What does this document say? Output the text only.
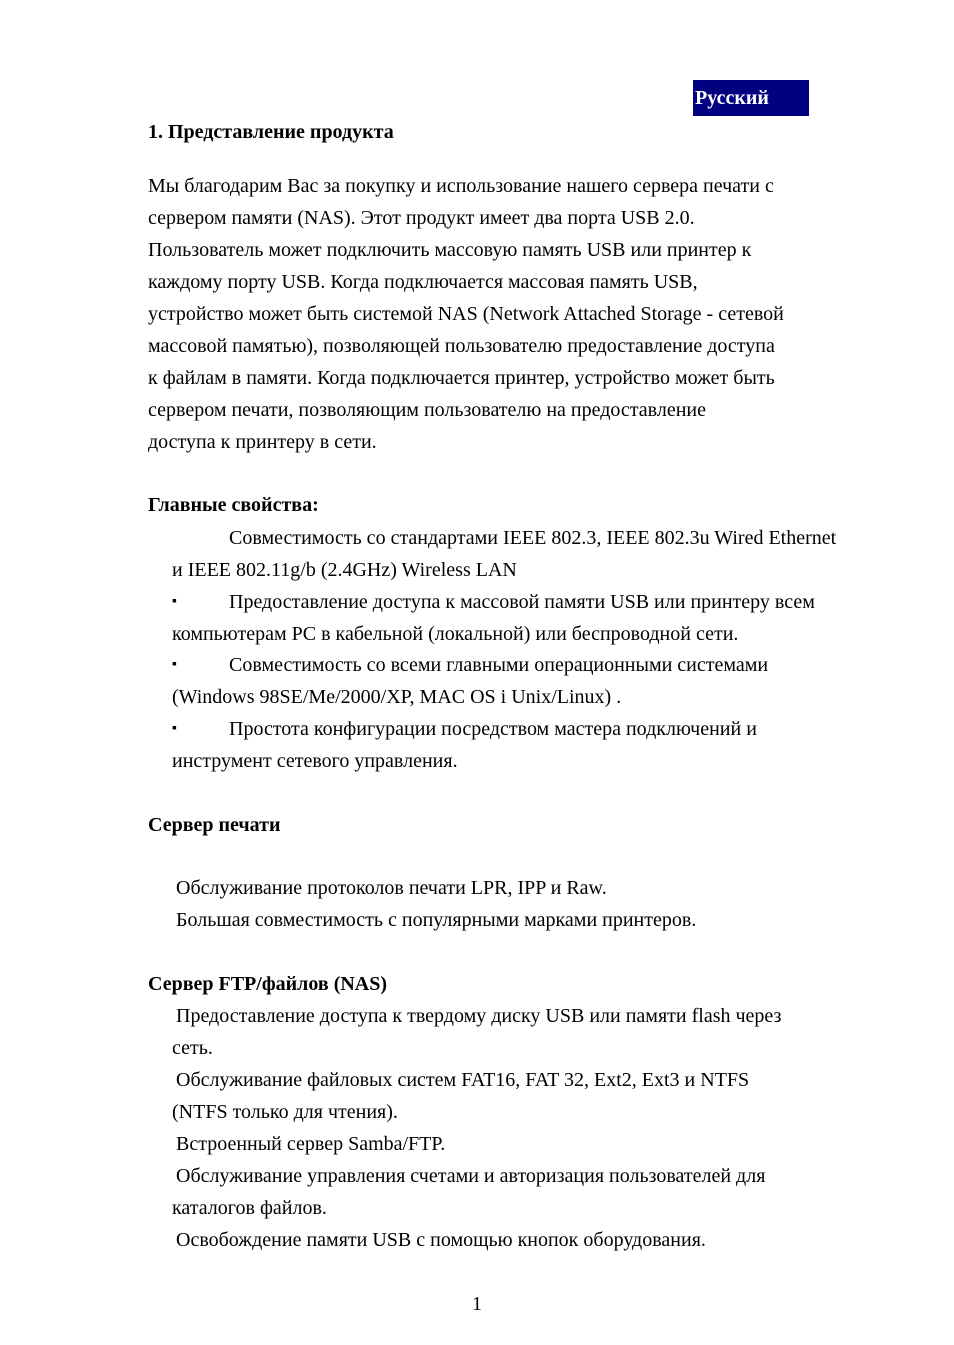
Русский
1. Представление продукта
Мы благодарим Вас за покупку и использование нашего сервера печати с
сервером памяти (NAS). Этот продукт имеет два порта USB 2.0.
Пользователь может подключить массовую память USB или принтер к
каждому порту USB. Когда подключается массовая память USB,
устройство может быть системой NAS (Network Attached Storage - сетевой
массовой памятью), позволяющей пользователю предоставление доступа
к файлам в памяти. Когда подключается принтер, устройство может быть
сервером печати, позволяющим пользователю на предоставление
доступа к принтеру в сети.
Главные свойства:
Совместимость со стандартами IEEE 802.3, IEEE 802.3u Wired Ethernet
и IEEE 802.11g/b (2.4GHz) Wireless LAN
▪	Предоставление доступа к массовой памяти USB или принтеру всем
компьютерам PC в кабельной (локальной) или беспроводной сети.
▪	Совместимость со всеми главными операционными системами
(Windows 98SE/Me/2000/XP, MAC OS i Unix/Linux) .
▪	Простота конфигурации посредством мастера подключений и
инструмент сетевого управления.
Сервер печати
Обслуживание протоколов печати LPR, IPP и Raw.
Большая совместимость с популярными марками принтеров.
Сервер FTP/файлов (NAS)
Предоставление доступа к твердому диску USB или памяти flash через
сеть.
Обслуживание файловых систем FAT16, FAT 32, Ext2, Ext3 и NTFS
(NTFS только для чтения).
Встроенный сервер Samba/FTP.
Обслуживание управления счетами и авторизация пользователей для
каталогов файлов.
Освобождение памяти USB с помощью кнопок оборудования.
1
